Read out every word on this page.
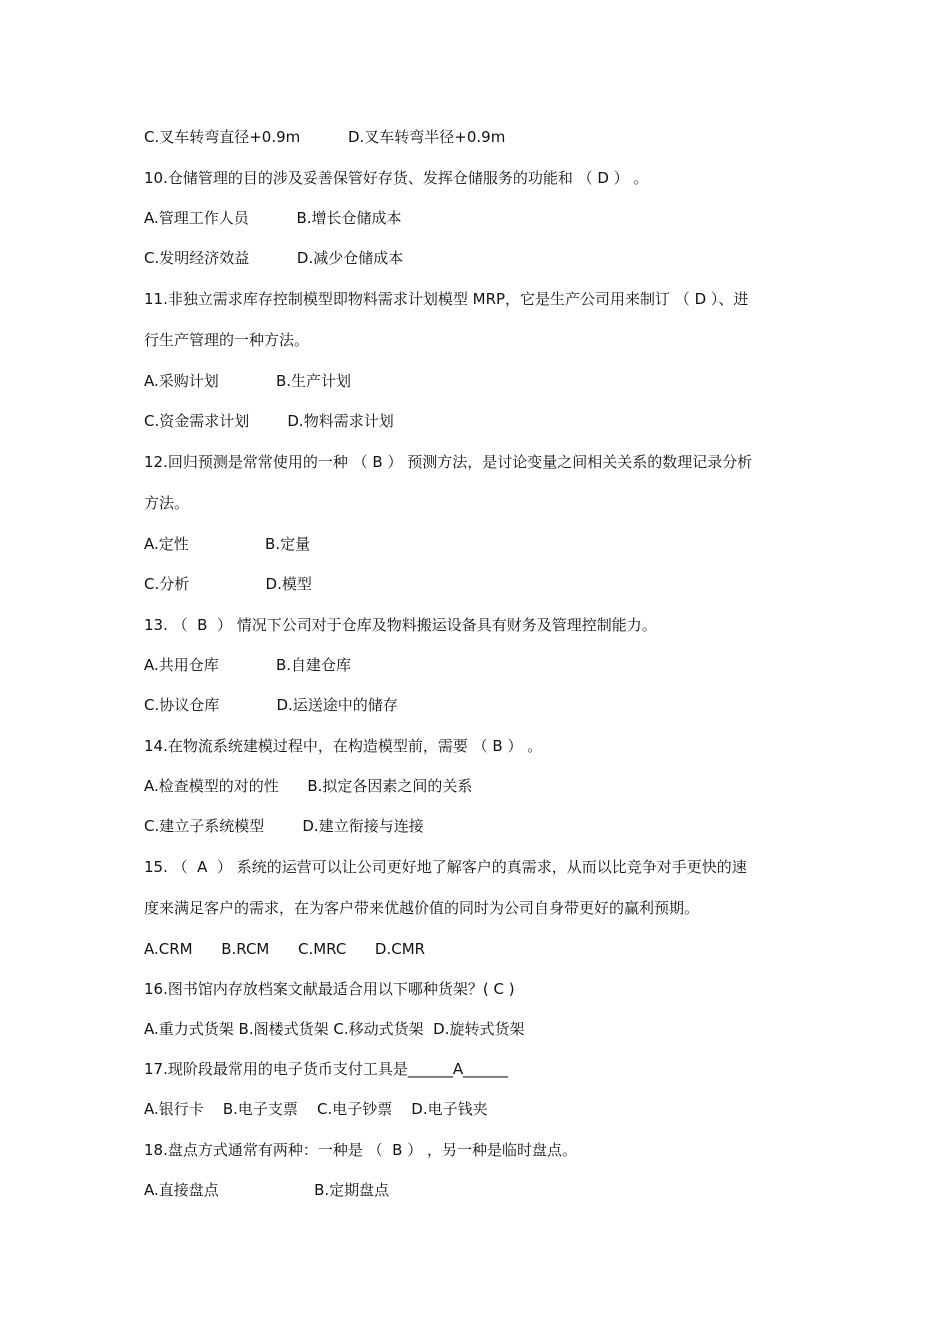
C.叉车转弯直径+0.9m          D.叉车转弯半径+0.9m
10.仓储管理的目的涉及妥善保管好存货、发挥仓储服务的功能和 （ D ） 。
A.管理工作人员          B.增长仓储成本
C.发明经济效益          D.减少仓储成本
11.非独立需求库存控制模型即物料需求计划模型 MRP，它是生产公司用来制订 （ D ）、进
行生产管理的一种方法。
A.采购计划            B.生产计划
C.资金需求计划        D.物料需求计划
12.回归预测是常常使用的一种 （ B ） 预测方法，是讨论变量之间相关关系的数理记录分析
方法。
A.定性                B.定量
C.分析                D.模型
13. （  B  ） 情况下公司对于仓库及物料搬运设备具有财务及管理控制能力。
A.共用仓库            B.自建仓库
C.协议仓库            D.运送途中的储存
14.在物流系统建模过程中，在构造模型前，需要 （ B ） 。
A.检查模型的对的性      B.拟定各因素之间的关系
C.建立子系统模型        D.建立衔接与连接
15. （  A  ） 系统的运营可以让公司更好地了解客户的真需求，从而以比竞争对手更快的速
度来满足客户的需求，在为客户带来优越价值的同时为公司自身带更好的赢利预期。
A.CRM      B.RCM      C.MRC      D.CMR
16.图书馆内存放档案文献最适合用以下哪种货架？( C )
A.重力式货架 B.阁楼式货架 C.移动式货架  D.旋转式货架
17.现阶段最常用的电子货币支付工具是______A______
A.银行卡    B.电子支票    C.电子钞票    D.电子钱夹
18.盘点方式通常有两种：一种是 （  B ） ，另一种是临时盘点。
A.直接盘点                    B.定期盘点
